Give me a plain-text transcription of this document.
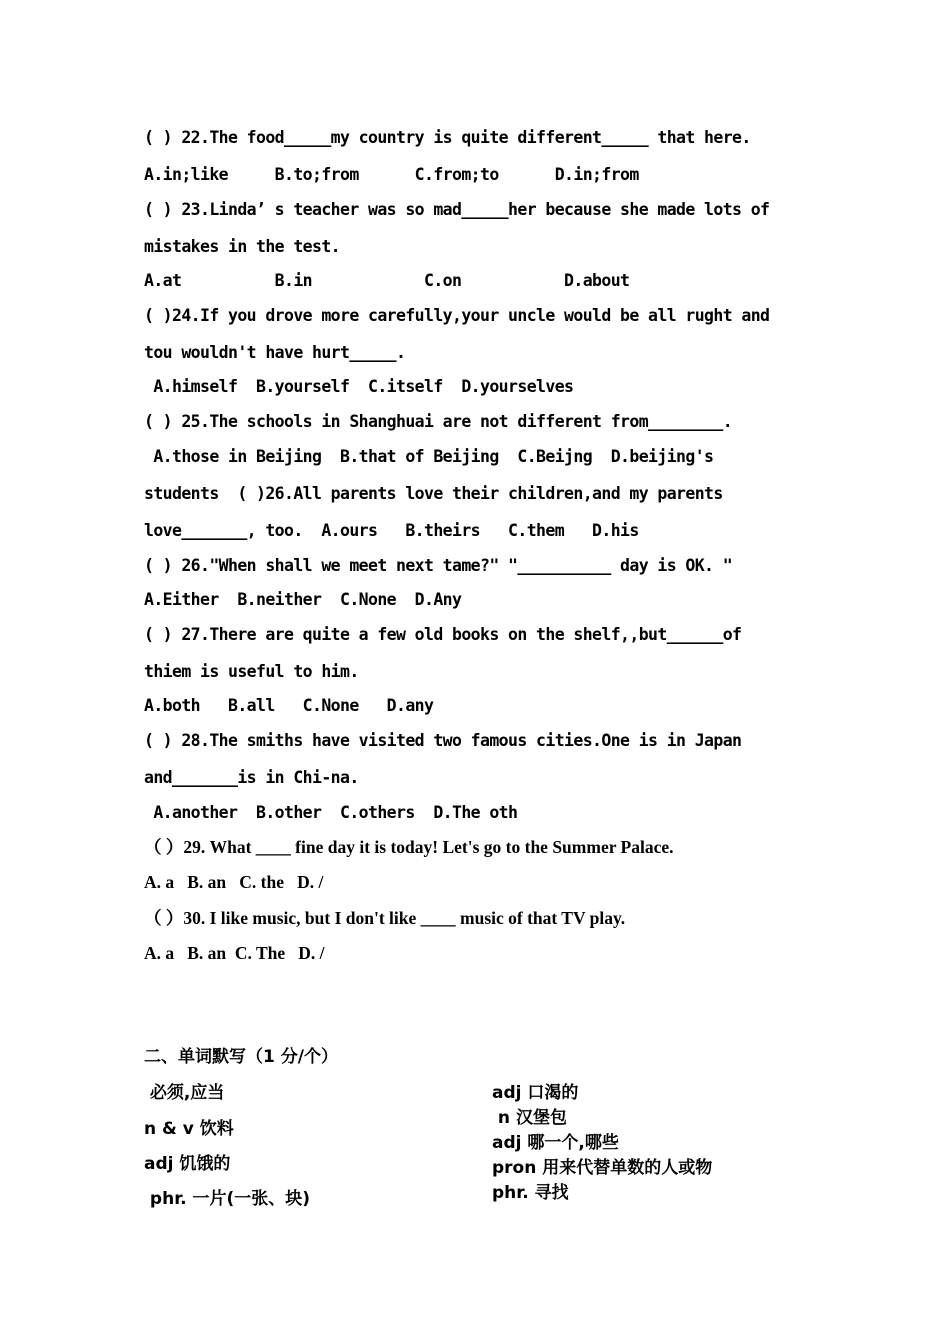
( ) 22.The food_____my country is quite different_____ that here.
A.in;like     B.to;from      C.from;to      D.in;from
( ) 23.Linda’ s teacher was so mad_____her because she made lots of
mistakes in the test.
A.at          B.in            C.on           D.about
( )24.If you drove more carefully,your uncle would be all rught and
tou wouldn't have hurt_____.
A.himself  B.yourself  C.itself  D.yourselves
( ) 25.The schools in Shanghuai are not different from________.
A.those in Beijing  B.that of Beijing  C.Beijng  D.beijing's
students  ( )26.All parents love their children,and my parents
love_______, too.  A.ours   B.theirs   C.them   D.his
( ) 26."When shall we meet next tame?" "__________ day is OK. "
A.Either  B.neither  C.None  D.Any
( ) 27.There are quite a few old books on the shelf,,but______of
thiem is useful to him.
A.both   B.all   C.None   D.any
( ) 28.The smiths have visited two famous cities.One is in Japan
and_______is in Chi-na.
A.another  B.other  C.others  D.The oth
（ ）29. What ____ fine day it is today! Let's go to the Summer Palace.
A. a   B. an   C. the   D. /
（ ）30. I like music, but I don't like ____ music of that TV play.
A. a   B. an  C. The   D. /
二、单词默写（1 分/个）
必须,应当
n & v 饮料
adj 饥饿的
phr. 一片(一张、块)
adj 口渴的
n 汉堡包
adj 哪一个,哪些
pron 用来代替单数的人或物
phr. 寻找
